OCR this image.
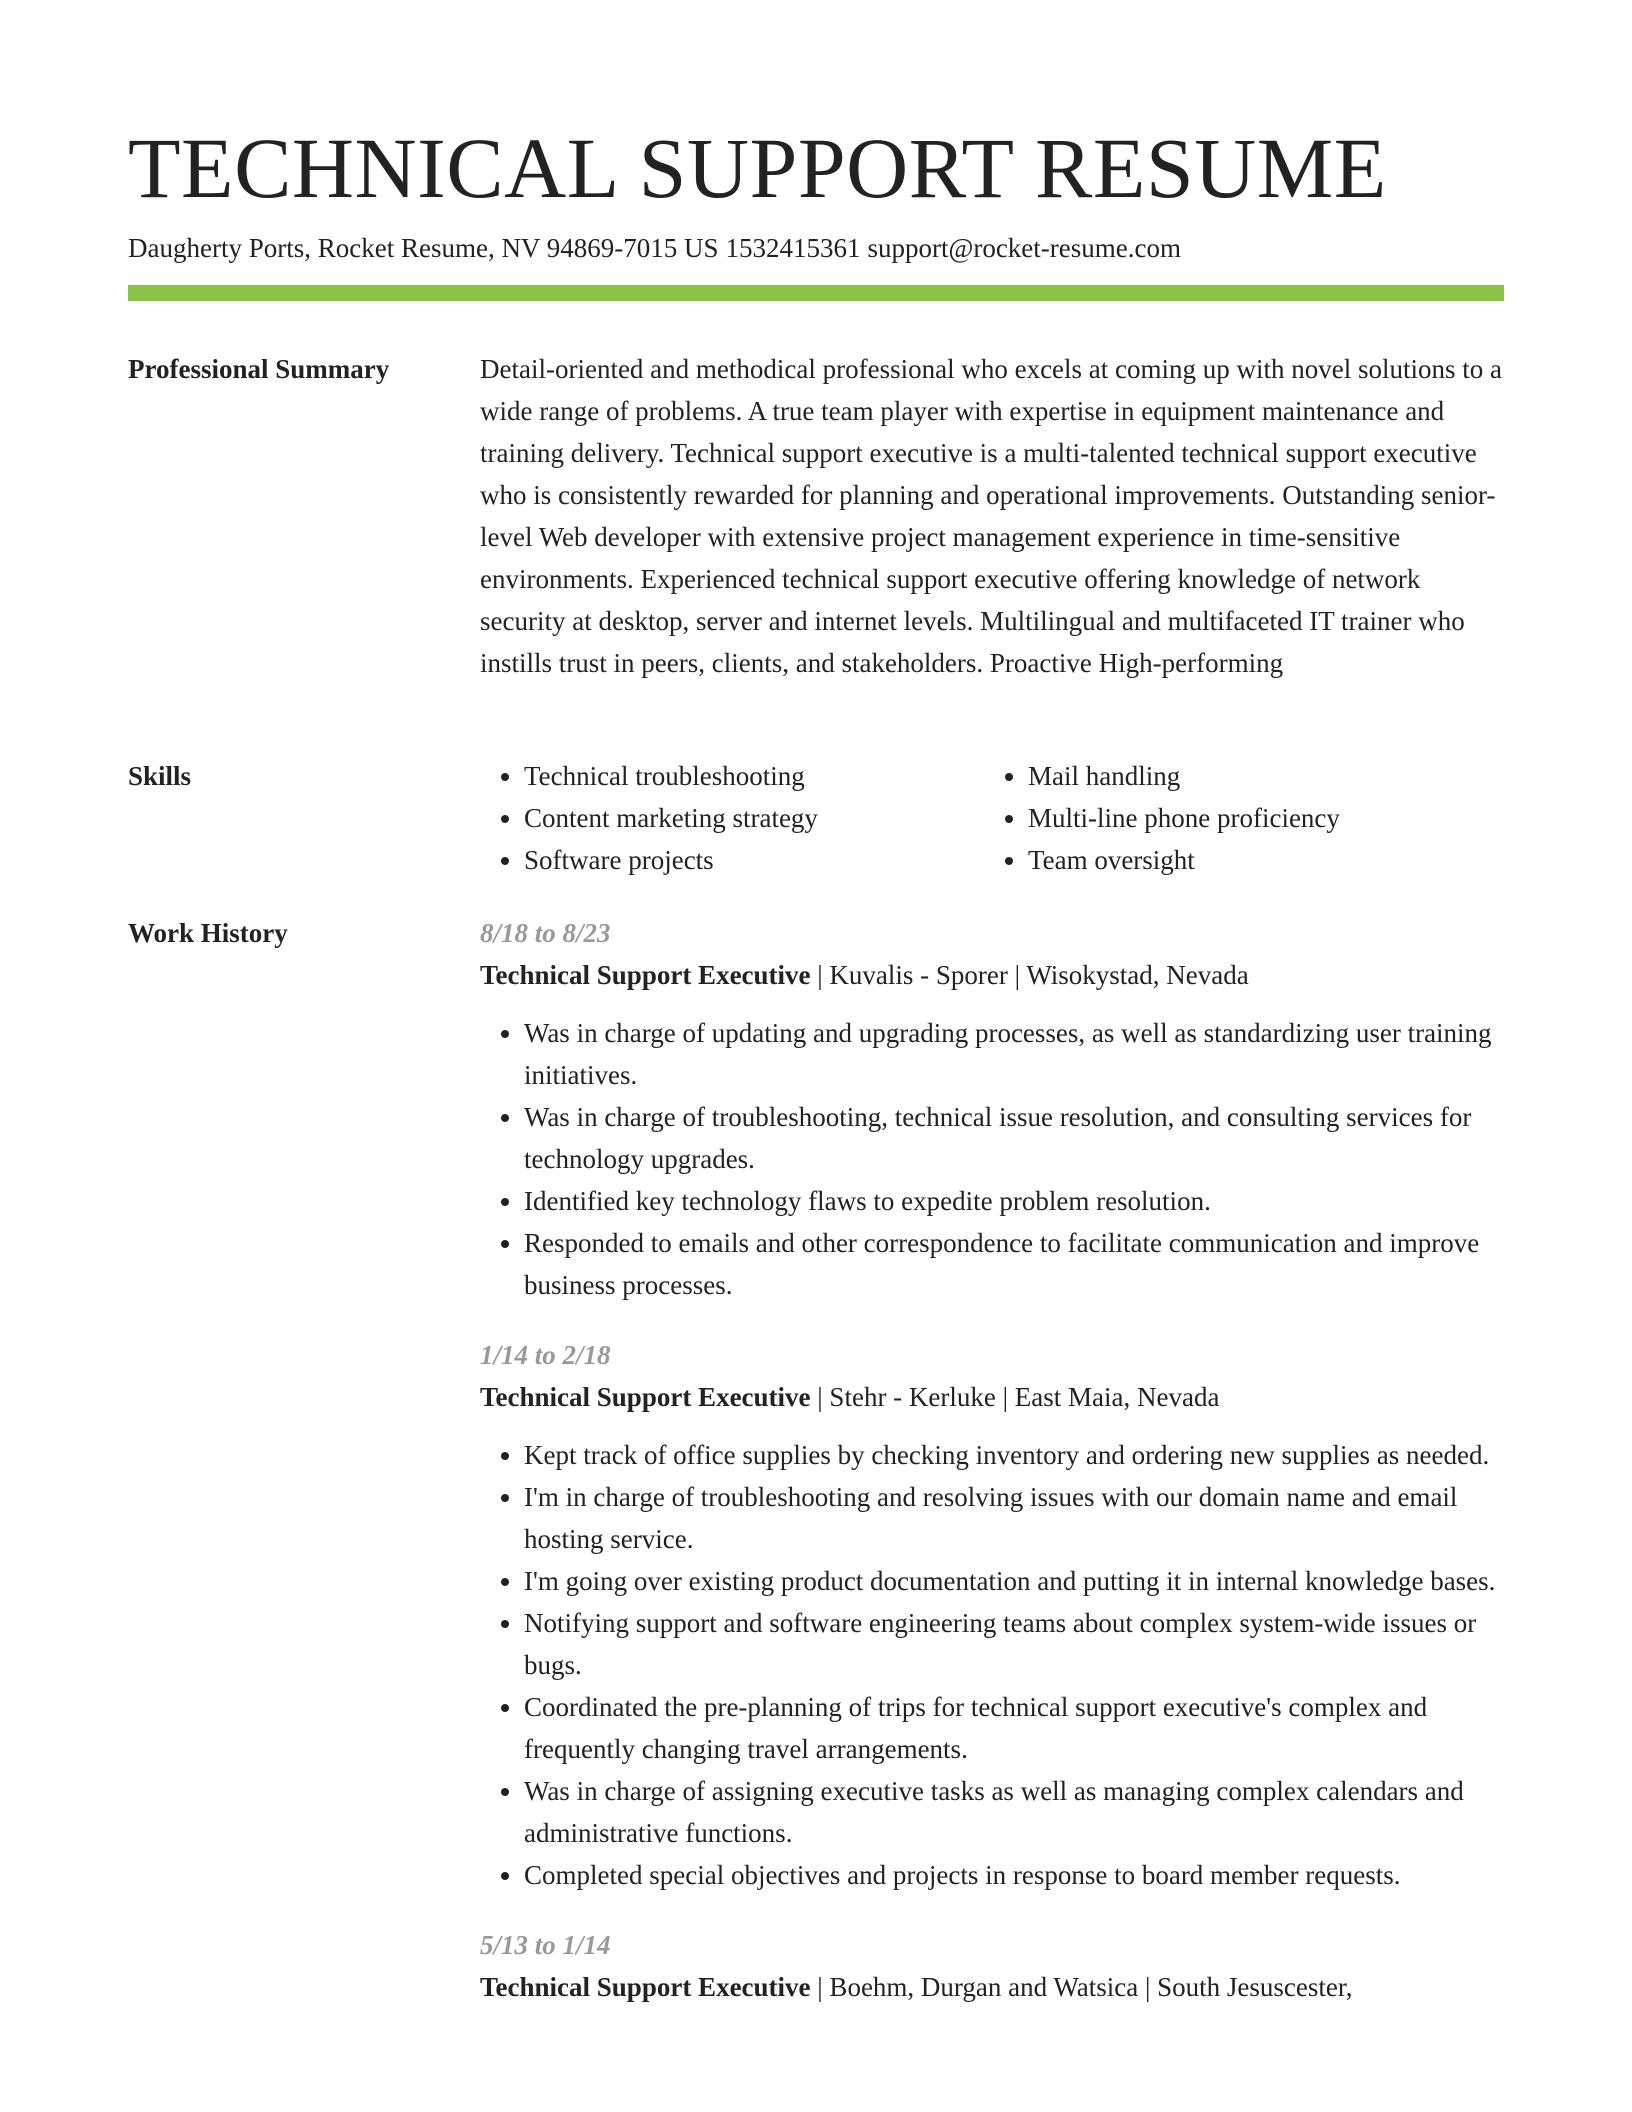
TECHNICAL SUPPORT RESUME
Daugherty Ports, Rocket Resume, NV 94869-7015 US 1532415361 support@rocket-resume.com
Professional Summary	Detail-oriented and methodical professional who excels at coming up with novel solutions to a wide range of problems. A true team player with expertise in equipment maintenance and training delivery. Technical support executive is a multi-talented technical support executive who is consistently rewarded for planning and operational improvements. Outstanding senior-level Web developer with extensive project management experience in time-sensitive environments. Experienced technical support executive offering knowledge of network security at desktop, server and internet levels. Multilingual and multifaceted IT trainer who instills trust in peers, clients, and stakeholders. Proactive High-performing

Skills
•	Technical troubleshooting
• Content marketing strategy
• Software projects
• Mail handling
• Multi-line phone proficiency
• Team oversight
Work History	8/18 to 8/23
Technical Support Executive | Kuvalis - Sporer | Wisokystad, Nevada
• Was in charge of updating and upgrading processes, as well as standardizing user training initiatives.
• Was in charge of troubleshooting, technical issue resolution, and consulting services for technology upgrades.
• Identified key technology flaws to expedite problem resolution.
• Responded to emails and other correspondence to facilitate communication and improve business processes.
1/14 to 2/18
Technical Support Executive | Stehr - Kerluke | East Maia, Nevada
• Kept track of office supplies by checking inventory and ordering new supplies as needed.
• I'm in charge of troubleshooting and resolving issues with our domain name and email hosting service.
• I'm going over existing product documentation and putting it in internal knowledge bases.
• Notifying support and software engineering teams about complex system-wide issues or bugs.
• Coordinated the pre-planning of trips for technical support executive's complex and frequently changing travel arrangements.
• Was in charge of assigning executive tasks as well as managing complex calendars and administrative functions.
• Completed special objectives and projects in response to board member requests.
5/13 to 1/14
Technical Support Executive | Boehm, Durgan and Watsica | South Jesuscester,
